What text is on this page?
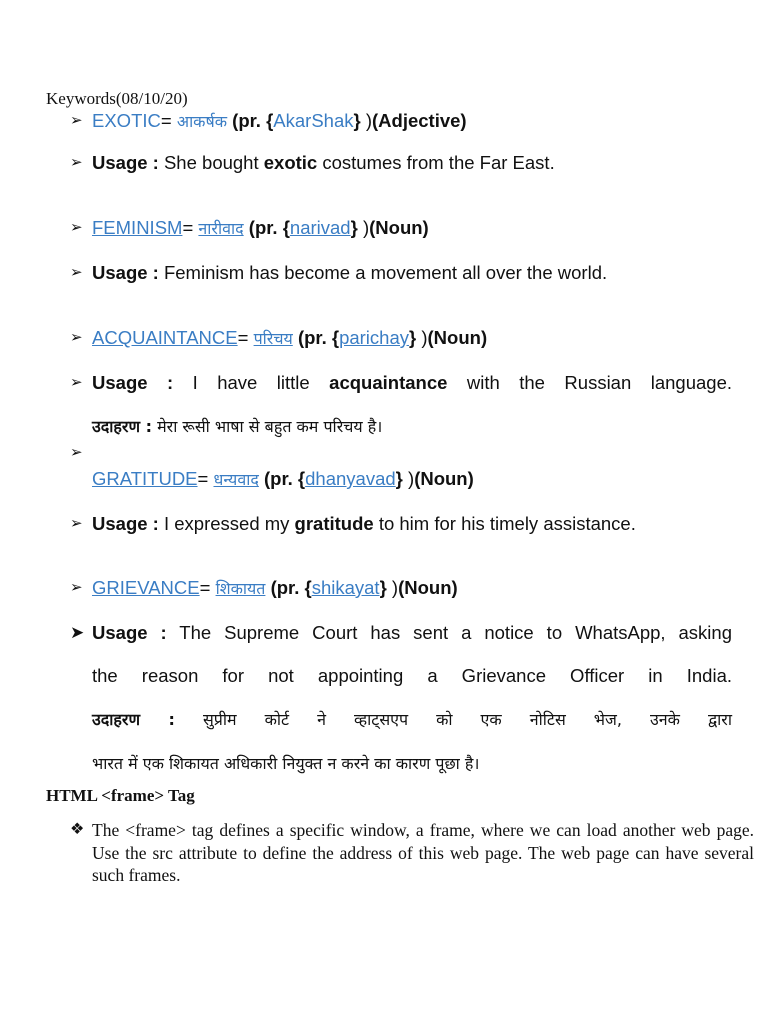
Keywords(08/10/20)
➢ EXOTIC= आकर्षक (pr. {AkarShak} )(Adjective)
➢ Usage : She bought exotic costumes from the Far East.
➢ FEMINISM= नारीवाद (pr. {narivad} )(Noun)
➢ Usage : Feminism has become a movement all over the world.
➢ ACQUAINTANCE= परिचय (pr. {parichay} )(Noun)
➢ Usage : I have little acquaintance with the Russian language.
उदाहरण : मेरा रूसी भाषा से बहुत कम परिचय है।
➢
GRATITUDE= धन्यवाद (pr. {dhanyavad} )(Noun)
➢ Usage : I expressed my gratitude to him for his timely assistance.
➢ GRIEVANCE= शिकायत (pr. {shikayat} )(Noun)
➤ Usage : The Supreme Court has sent a notice to WhatsApp, asking
the reason for not appointing a Grievance Officer in India.
उदाहरण : सुप्रीम कोर्ट ने व्हाट्सएप को एक नोटिस भेज, उनके द्वारा
भारत में एक शिकायत अधिकारी नियुक्त न करने का कारण पूछा है।
HTML <frame> Tag
❖ The <frame> tag defines a specific window, a frame, where we can load another web page. Use the src attribute to define the address of this web page. The web page can have several such frames.
